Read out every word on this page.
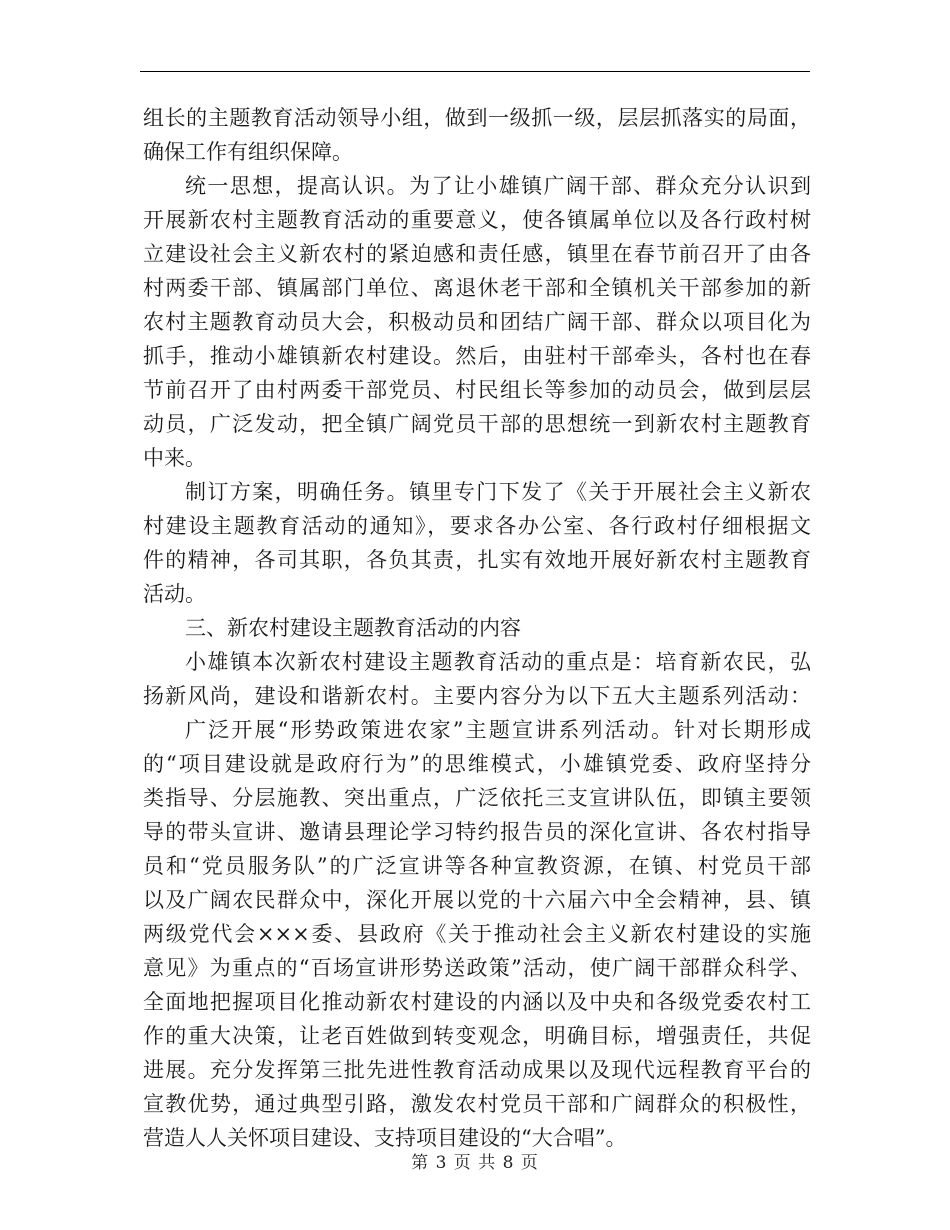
组长的主题教育活动领导小组，做到一级抓一级，层层抓落实的局面，
确保工作有组织保障。
统一思想，提高认识。为了让小雄镇广阔干部、群众充分认识到
开展新农村主题教育活动的重要意义，使各镇属单位以及各行政村树
立建设社会主义新农村的紧迫感和责任感，镇里在春节前召开了由各
村两委干部、镇属部门单位、离退休老干部和全镇机关干部参加的新
农村主题教育动员大会，积极动员和团结广阔干部、群众以项目化为
抓手，推动小雄镇新农村建设。然后，由驻村干部牵头，各村也在春
节前召开了由村两委干部党员、村民组长等参加的动员会，做到层层
动员，广泛发动，把全镇广阔党员干部的思想统一到新农村主题教育
中来。
制订方案，明确任务。镇里专门下发了《关于开展社会主义新农
村建设主题教育活动的通知》，要求各办公室、各行政村仔细根据文
件的精神，各司其职，各负其责，扎实有效地开展好新农村主题教育
活动。
三、新农村建设主题教育活动的内容
小雄镇本次新农村建设主题教育活动的重点是：培育新农民，弘
扬新风尚，建设和谐新农村。主要内容分为以下五大主题系列活动：
广泛开展“形势政策进农家”主题宣讲系列活动。针对长期形成
的“项目建设就是政府行为”的思维模式，小雄镇党委、政府坚持分
类指导、分层施教、突出重点，广泛依托三支宣讲队伍，即镇主要领
导的带头宣讲、邀请县理论学习特约报告员的深化宣讲、各农村指导
员和“党员服务队”的广泛宣讲等各种宣教资源，在镇、村党员干部
以及广阔农民群众中，深化开展以党的十六届六中全会精神，县、镇
两级党代会×××委、县政府《关于推动社会主义新农村建设的实施
意见》为重点的“百场宣讲形势送政策”活动，使广阔干部群众科学、
全面地把握项目化推动新农村建设的内涵以及中央和各级党委农村工
作的重大决策，让老百姓做到转变观念，明确目标，增强责任，共促
进展。充分发挥第三批先进性教育活动成果以及现代远程教育平台的
宣教优势，通过典型引路，激发农村党员干部和广阔群众的积极性，
营造人人关怀项目建设、支持项目建设的“大合唱”。
第 3 页 共 8 页
